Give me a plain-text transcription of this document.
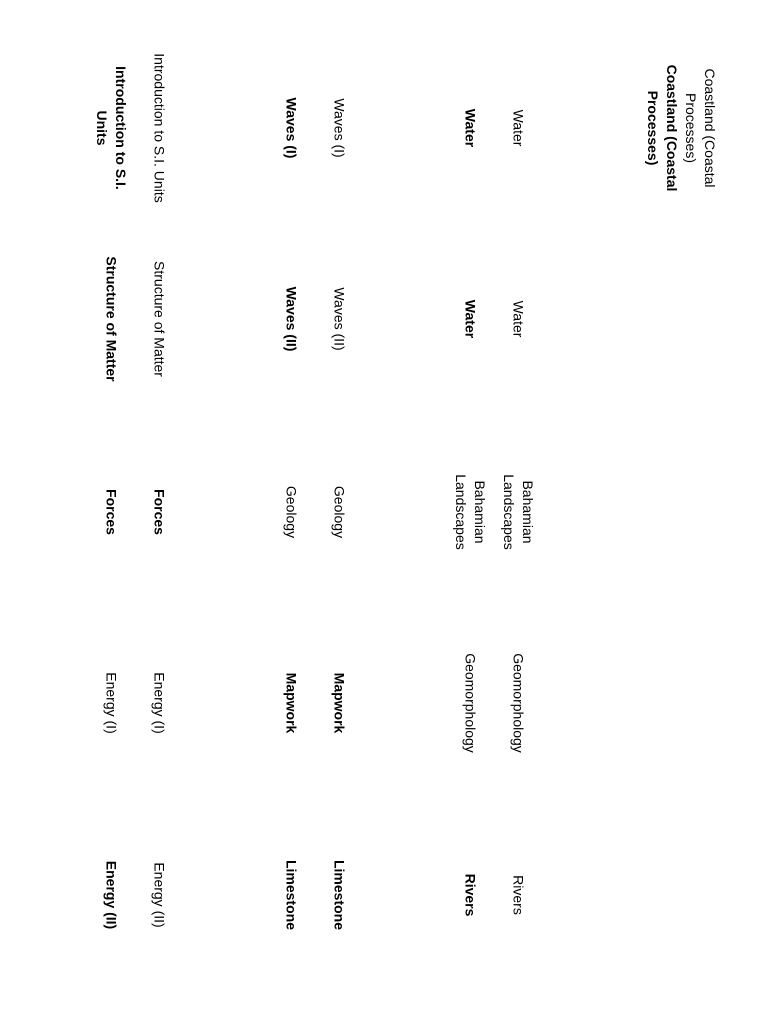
Coastland (Coastal Processes)	Coastland (Coastal Processes)
Water
Water
Bahamian Landscapes
Geomorphology
Rivers
Water
Water
Bahamian Landscapes
Geomorphology
Rivers
Waves (I)
Waves (II)
Geology
Mapwork
Limestone
Waves (I)
Waves (II)
Geology
Mapwork
Limestone
Introduction to S.I. Units
Structure of Matter
Forces
Energy (I)
Energy (II)
Introduction to S.I. Units
Structure of Matter
Forces
Energy (I)
Energy (II)
